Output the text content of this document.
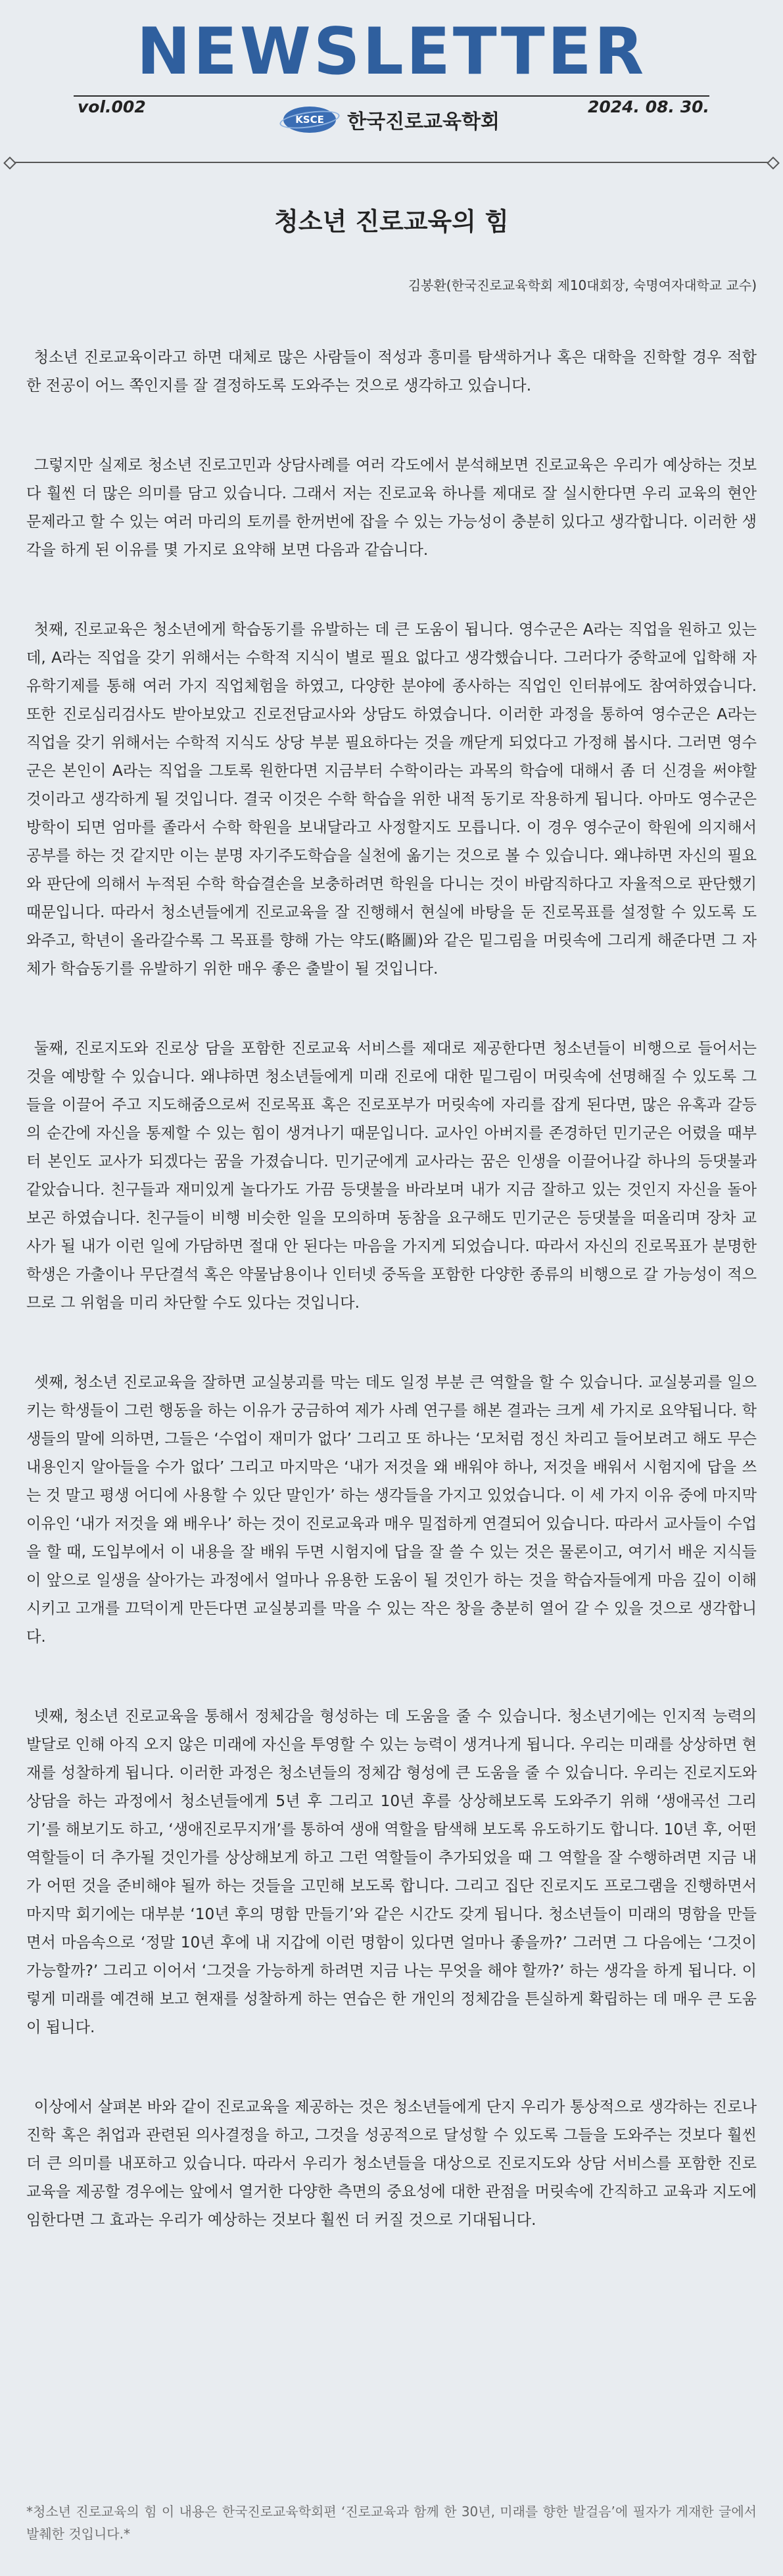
NEWSLETTER
vol.002	2024. 08. 30.
KSCE 한국진로교육학회
청소년 진로교육의 힘
김봉환(한국진로교육학회 제10대회장, 숙명여자대학교 교수)

청소년 진로교육이라고 하면 대체로 많은 사람들이 적성과 흥미를 탐색하거나 혹은 대학을 진학할 경우 적합한 전공이 어느 쪽인지를 잘 결정하도록 도와주는 것으로 생각하고 있습니다.

그렇지만 실제로 청소년 진로고민과 상담사례를 여러 각도에서 분석해보면 진로교육은 우리가 예상하는 것보다 훨씬 더 많은 의미를 담고 있습니다. 그래서 저는 진로교육 하나를 제대로 잘 실시한다면 우리 교육의 현안 문제라고 할 수 있는 여러 마리의 토끼를 한꺼번에 잡을 수 있는 가능성이 충분히 있다고 생각합니다. 이러한 생각을 하게 된 이유를 몇 가지로 요약해 보면 다음과 같습니다.

첫째, 진로교육은 청소년에게 학습동기를 유발하는 데 큰 도움이 됩니다. 영수군은 A라는 직업을 원하고 있는데, A라는 직업을 갖기 위해서는 수학적 지식이 별로 필요 없다고 생각했습니다. 그러다가 중학교에 입학해 자유학기제를 통해 여러 가지 직업체험을 하였고, 다양한 분야에 종사하는 직업인 인터뷰에도 참여하였습니다. 또한 진로심리검사도 받아보았고 진로전담교사와 상담도 하였습니다. 이러한 과정을 통하여 영수군은 A라는 직업을 갖기 위해서는 수학적 지식도 상당 부분 필요하다는 것을 깨닫게 되었다고 가정해 봅시다. 그러면 영수군은 본인이 A라는 직업을 그토록 원한다면 지금부터 수학이라는 과목의 학습에 대해서 좀 더 신경을 써야할 것이라고 생각하게 될 것입니다. 결국 이것은 수학 학습을 위한 내적 동기로 작용하게 됩니다. 아마도 영수군은 방학이 되면 엄마를 졸라서 수학 학원을 보내달라고 사정할지도 모릅니다. 이 경우 영수군이 학원에 의지해서 공부를 하는 것 같지만 이는 분명 자기주도학습을 실천에 옮기는 것으로 볼 수 있습니다. 왜냐하면 자신의 필요와 판단에 의해서 누적된 수학 학습결손을 보충하려면 학원을 다니는 것이 바람직하다고 자율적으로 판단했기 때문입니다. 따라서 청소년들에게 진로교육을 잘 진행해서 현실에 바탕을 둔 진로목표를 설정할 수 있도록 도와주고, 학년이 올라갈수록 그 목표를 향해 가는 약도(略圖)와 같은 밑그림을 머릿속에 그리게 해준다면 그 자체가 학습동기를 유발하기 위한 매우 좋은 출발이 될 것입니다.

둘째, 진로지도와 진로상 담을 포함한 진로교육 서비스를 제대로 제공한다면 청소년들이 비행으로 들어서는 것을 예방할 수 있습니다. 왜냐하면 청소년들에게 미래 진로에 대한 밑그림이 머릿속에 선명해질 수 있도록 그들을 이끌어 주고 지도해줌으로써 진로목표 혹은 진로포부가 머릿속에 자리를 잡게 된다면, 많은 유혹과 갈등의 순간에 자신을 통제할 수 있는 힘이 생겨나기 때문입니다. 교사인 아버지를 존경하던 민기군은 어렸을 때부터 본인도 교사가 되겠다는 꿈을 가졌습니다. 민기군에게 교사라는 꿈은 인생을 이끌어나갈 하나의 등댓불과 같았습니다. 친구들과 재미있게 놀다가도 가끔 등댓불을 바라보며 내가 지금 잘하고 있는 것인지 자신을 돌아보곤 하였습니다. 친구들이 비행 비슷한 일을 모의하며 동참을 요구해도 민기군은 등댓불을 떠올리며 장차 교사가 될 내가 이런 일에 가담하면 절대 안 된다는 마음을 가지게 되었습니다. 따라서 자신의 진로목표가 분명한 학생은 가출이나 무단결석 혹은 약물남용이나 인터넷 중독을 포함한 다양한 종류의 비행으로 갈 가능성이 적으므로 그 위험을 미리 차단할 수도 있다는 것입니다.

셋째, 청소년 진로교육을 잘하면 교실붕괴를 막는 데도 일정 부분 큰 역할을 할 수 있습니다. 교실붕괴를 일으키는 학생들이 그런 행동을 하는 이유가 궁금하여 제가 사례 연구를 해본 결과는 크게 세 가지로 요약됩니다. 학생들의 말에 의하면, 그들은 ‘수업이 재미가 없다’ 그리고 또 하나는 ‘모처럼 정신 차리고 들어보려고 해도 무슨 내용인지 알아들을 수가 없다’ 그리고 마지막은 ‘내가 저것을 왜 배워야 하나, 저것을 배워서 시험지에 답을 쓰는 것 말고 평생 어디에 사용할 수 있단 말인가’ 하는 생각들을 가지고 있었습니다. 이 세 가지 이유 중에 마지막 이유인 ‘내가 저것을 왜 배우나’ 하는 것이 진로교육과 매우 밀접하게 연결되어 있습니다. 따라서 교사들이 수업을 할 때, 도입부에서 이 내용을 잘 배워 두면 시험지에 답을 잘 쓸 수 있는 것은 물론이고, 여기서 배운 지식들이 앞으로 일생을 살아가는 과정에서 얼마나 유용한 도움이 될 것인가 하는 것을 학습자들에게 마음 깊이 이해시키고 고개를 끄덕이게 만든다면 교실붕괴를 막을 수 있는 작은 창을 충분히 열어 갈 수 있을 것으로 생각합니다.

넷째, 청소년 진로교육을 통해서 정체감을 형성하는 데 도움을 줄 수 있습니다. 청소년기에는 인지적 능력의 발달로 인해 아직 오지 않은 미래에 자신을 투영할 수 있는 능력이 생겨나게 됩니다. 우리는 미래를 상상하면 현재를 성찰하게 됩니다. 이러한 과정은 청소년들의 정체감 형성에 큰 도움을 줄 수 있습니다. 우리는 진로지도와 상담을 하는 과정에서 청소년들에게 5년 후 그리고 10년 후를 상상해보도록 도와주기 위해 ‘생애곡선 그리기’를 해보기도 하고, ‘생애진로무지개’를 통하여 생애 역할을 탐색해 보도록 유도하기도 합니다. 10년 후, 어떤 역할들이 더 추가될 것인가를 상상해보게 하고 그런 역할들이 추가되었을 때 그 역할을 잘 수행하려면 지금 내가 어떤 것을 준비해야 될까 하는 것들을 고민해 보도록 합니다. 그리고 집단 진로지도 프로그램을 진행하면서 마지막 회기에는 대부분 ‘10년 후의 명함 만들기’와 같은 시간도 갖게 됩니다. 청소년들이 미래의 명함을 만들면서 마음속으로 ‘정말 10년 후에 내 지갑에 이런 명함이 있다면 얼마나 좋을까?’ 그러면 그 다음에는 ‘그것이 가능할까?’ 그리고 이어서 ‘그것을 가능하게 하려면 지금 나는 무엇을 해야 할까?’ 하는 생각을 하게 됩니다. 이렇게 미래를 예견해 보고 현재를 성찰하게 하는 연습은 한 개인의 정체감을 튼실하게 확립하는 데 매우 큰 도움이 됩니다.

이상에서 살펴본 바와 같이 진로교육을 제공하는 것은 청소년들에게 단지 우리가 통상적으로 생각하는 진로나 진학 혹은 취업과 관련된 의사결정을 하고, 그것을 성공적으로 달성할 수 있도록 그들을 도와주는 것보다 훨씬 더 큰 의미를 내포하고 있습니다. 따라서 우리가 청소년들을 대상으로 진로지도와 상담 서비스를 포함한 진로교육을 제공할 경우에는 앞에서 열거한 다양한 측면의 중요성에 대한 관점을 머릿속에 간직하고 교육과 지도에 임한다면 그 효과는 우리가 예상하는 것보다 훨씬 더 커질 것으로 기대됩니다.

*청소년 진로교육의 힘 이 내용은 한국진로교육학회편 ‘진로교육과 함께 한 30년, 미래를 향한 발걸음’에 필자가 게재한 글에서 발췌한 것입니다.*
